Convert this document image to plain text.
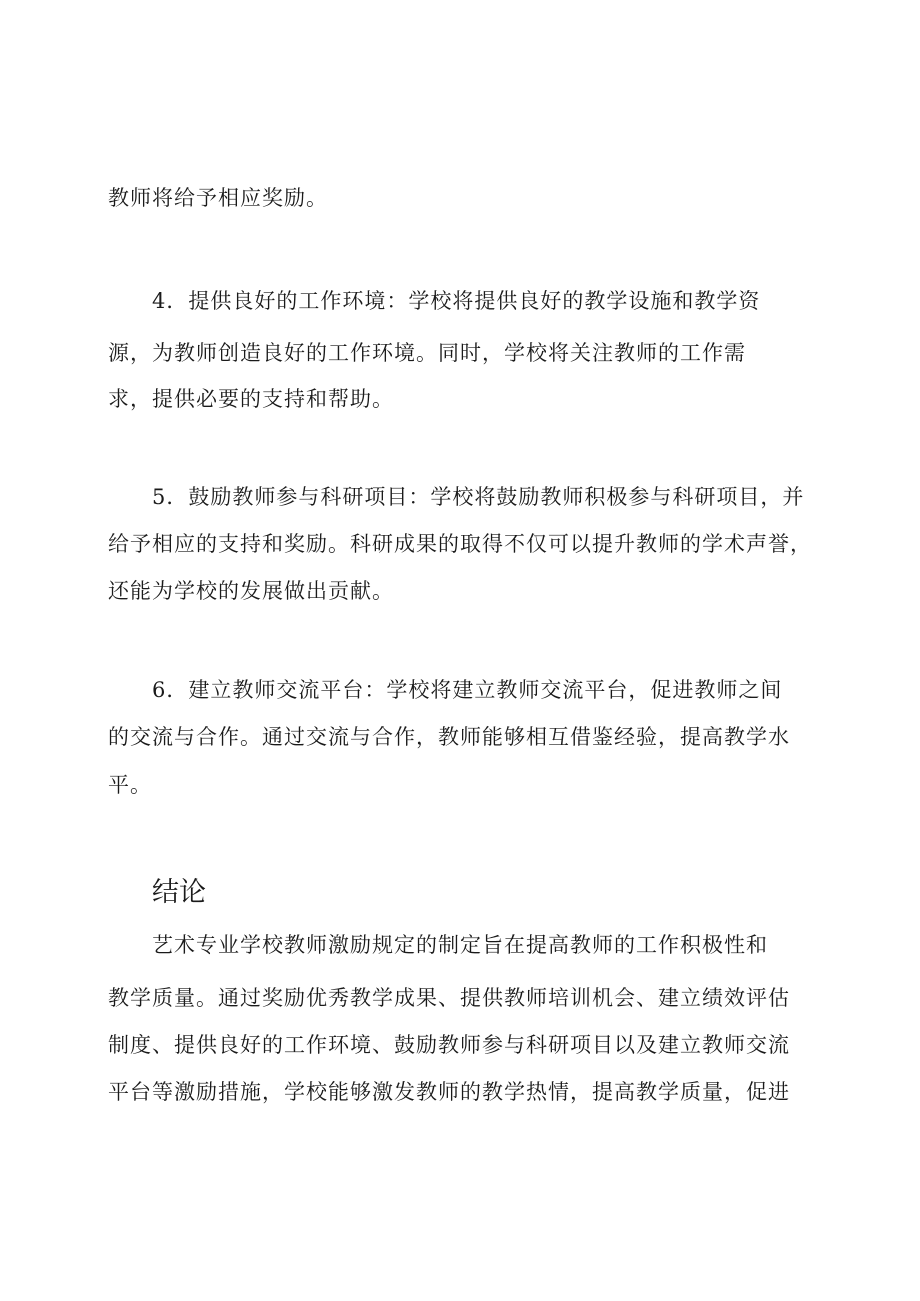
教师将给予相应奖励。
4．提供良好的工作环境：学校将提供良好的教学设施和教学资
源，为教师创造良好的工作环境。同时，学校将关注教师的工作需
求，提供必要的支持和帮助。
5．鼓励教师参与科研项目：学校将鼓励教师积极参与科研项目，并
给予相应的支持和奖励。科研成果的取得不仅可以提升教师的学术声誉，
还能为学校的发展做出贡献。
6．建立教师交流平台：学校将建立教师交流平台，促进教师之间
的交流与合作。通过交流与合作，教师能够相互借鉴经验，提高教学水
平。
结论
艺术专业学校教师激励规定的制定旨在提高教师的工作积极性和
教学质量。通过奖励优秀教学成果、提供教师培训机会、建立绩效评估
制度、提供良好的工作环境、鼓励教师参与科研项目以及建立教师交流
平台等激励措施，学校能够激发教师的教学热情，提高教学质量，促进
